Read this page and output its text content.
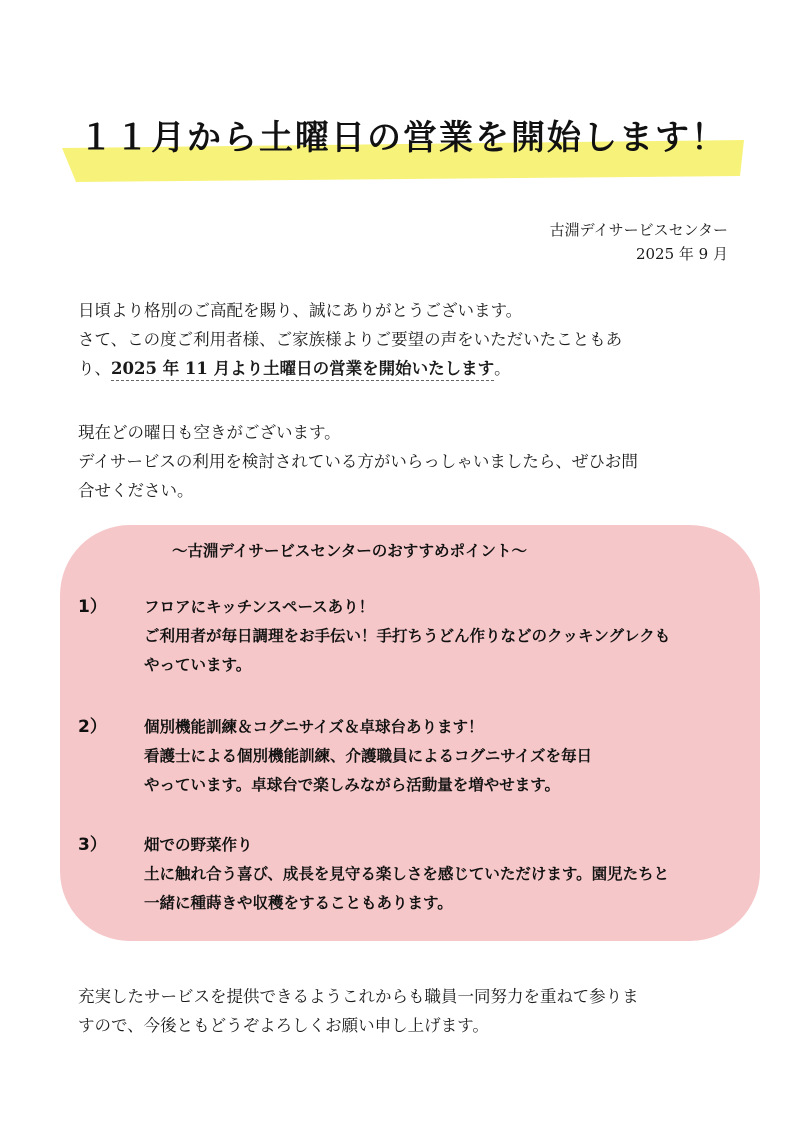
１１月から土曜日の営業を開始します！
古淵デイサービスセンター
2025 年 9 月
日頃より格別のご高配を賜り、誠にありがとうございます。
さて、この度ご利用者様、ご家族様よりご要望の声をいただいたこともあ
り、2025 年 11 月より土曜日の営業を開始いたします。
現在どの曜日も空きがございます。
デイサービスの利用を検討されている方がいらっしゃいましたら、ぜひお問
合せください。
～古淵デイサービスセンターのおすすめポイント～
1）	フロアにキッチンスペースあり！
ご利用者が毎日調理をお手伝い！手打ちうどん作りなどのクッキングレクも
やっています。
2）	個別機能訓練＆コグニサイズ＆卓球台あります！
看護士による個別機能訓練、介護職員によるコグニサイズを毎日
やっています。卓球台で楽しみながら活動量を増やせます。
3）	畑での野菜作り
土に触れ合う喜び、成長を見守る楽しさを感じていただけます。園児たちと
一緒に種蒔きや収穫をすることもあります。
充実したサービスを提供できるようこれからも職員一同努力を重ねて参りま
すので、今後ともどうぞよろしくお願い申し上げます。
